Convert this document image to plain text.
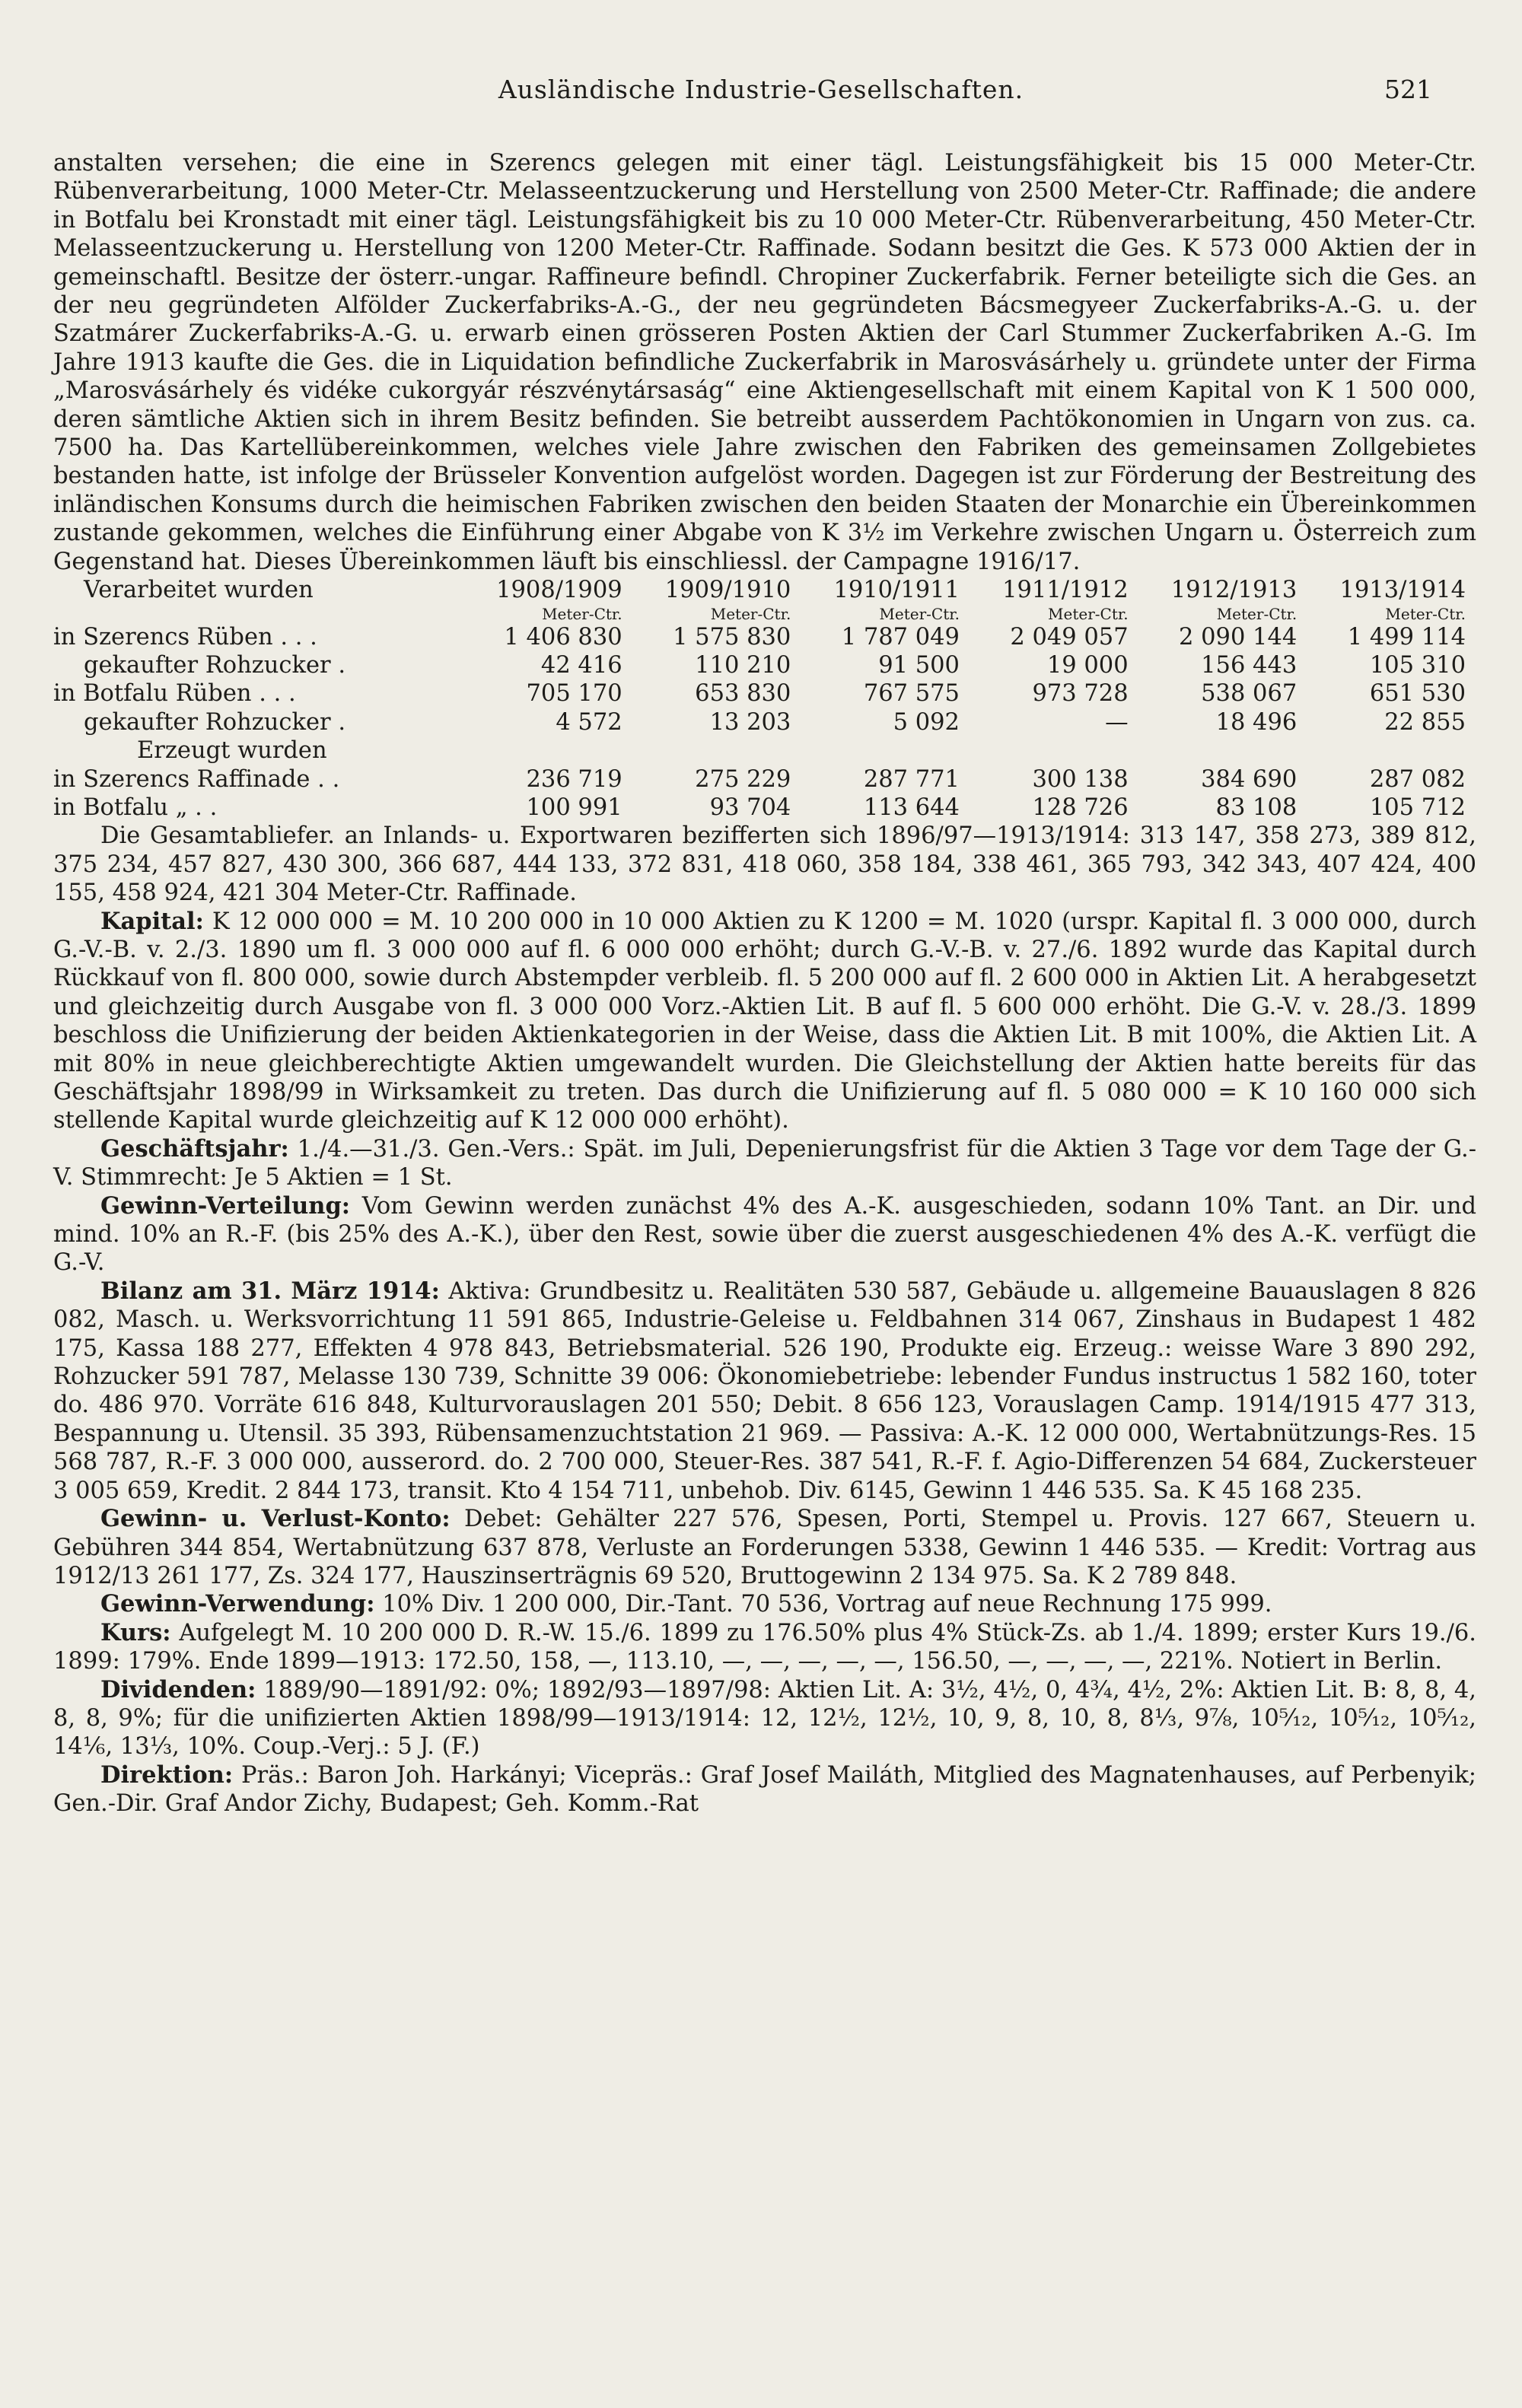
Ausländische Industrie-Gesellschaften.	521

anstalten versehen; die eine in Szerencs gelegen mit einer tägl. Leistungsfähigkeit bis 15 000 Meter-Ctr. Rübenverarbeitung, 1000 Meter-Ctr. Melasseentzuckerung und Herstellung von 2500 Meter-Ctr. Raffinade; die andere in Botfalu bei Kronstadt mit einer tägl. Leistungsfähigkeit bis zu 10 000 Meter-Ctr. Rübenverarbeitung, 450 Meter-Ctr. Melasseentzuckerung u. Herstellung von 1200 Meter-Ctr. Raffinade. Sodann besitzt die Ges. K 573 000 Aktien der in gemeinschaftl. Besitze der österr.-ungar. Raffineure befindl. Chropiner Zuckerfabrik. Ferner beteiligte sich die Ges. an der neu gegründeten Alfölder Zuckerfabriks-A.-G., der neu gegründeten Bácsmegyeer Zuckerfabriks-A.-G. u. der Szatmárer Zuckerfabriks-A.-G. u. erwarb einen grösseren Posten Aktien der Carl Stummer Zuckerfabriken A.-G. Im Jahre 1913 kaufte die Ges. die in Liquidation befindliche Zuckerfabrik in Marosvásárhely u. gründete unter der Firma „Marosvásárhely és vidéke cukorgyár részvénytársaság“ eine Aktiengesellschaft mit einem Kapital von K 1 500 000, deren sämtliche Aktien sich in ihrem Besitz befinden. Sie betreibt ausserdem Pachtökonomien in Ungarn von zus. ca. 7500 ha. Das Kartellübereinkommen, welches viele Jahre zwischen den Fabriken des gemeinsamen Zollgebietes bestanden hatte, ist infolge der Brüsseler Konvention aufgelöst worden. Dagegen ist zur Förderung der Bestreitung des inländischen Konsums durch die heimischen Fabriken zwischen den beiden Staaten der Monarchie ein Übereinkommen zustande gekommen, welches die Einführung einer Abgabe von K 3½ im Verkehre zwischen Ungarn u. Österreich zum Gegenstand hat. Dieses Übereinkommen läuft bis einschliessl. der Campagne 1916/17.

Verarbeitet wurden	1908/1909	1909/1910	1910/1911	1911/1912	1912/1913	1913/1914
	Meter-Ctr.	Meter-Ctr.	Meter-Ctr.	Meter-Ctr.	Meter-Ctr.	Meter-Ctr.
in Szerencs Rüben . . .	1 406 830	1 575 830	1 787 049	2 049 057	2 090 144	1 499 114
gekaufter Rohzucker .	42 416	110 210	91 500	19 000	156 443	105 310
in Botfalu Rüben . . .	705 170	653 830	767 575	973 728	538 067	651 530
gekaufter Rohzucker .	4 572	13 203	5 092	—	18 496	22 855
Erzeugt wurden						
in Szerencs Raffinade . .	236 719	275 229	287 771	300 138	384 690	287 082
in Botfalu „ . .	100 991	93 704	113 644	128 726	83 108	105 712

Die Gesamtabliefer. an Inlands- u. Exportwaren bezifferten sich 1896/97—1913/1914: 313 147, 358 273, 389 812, 375 234, 457 827, 430 300, 366 687, 444 133, 372 831, 418 060, 358 184, 338 461, 365 793, 342 343, 407 424, 400 155, 458 924, 421 304 Meter-Ctr. Raffinade.

Kapital: K 12 000 000 = M. 10 200 000 in 10 000 Aktien zu K 1200 = M. 1020 (urspr. Kapital fl. 3 000 000, durch G.-V.-B. v. 2./3. 1890 um fl. 3 000 000 auf fl. 6 000 000 erhöht; durch G.-V.-B. v. 27./6. 1892 wurde das Kapital durch Rückkauf von fl. 800 000, sowie durch Abstempder verbleib. fl. 5 200 000 auf fl. 2 600 000 in Aktien Lit. A herabgesetzt und gleichzeitig durch Ausgabe von fl. 3 000 000 Vorz.-Aktien Lit. B auf fl. 5 600 000 erhöht. Die G.-V. v. 28./3. 1899 beschloss die Unifizierung der beiden Aktienkategorien in der Weise, dass die Aktien Lit. B mit 100%, die Aktien Lit. A mit 80% in neue gleichberechtigte Aktien umgewandelt wurden. Die Gleichstellung der Aktien hatte bereits für das Geschäftsjahr 1898/99 in Wirksamkeit zu treten. Das durch die Unifizierung auf fl. 5 080 000 = K 10 160 000 sich stellende Kapital wurde gleichzeitig auf K 12 000 000 erhöht).

Geschäftsjahr: 1./4.—31./3. Gen.-Vers.: Spät. im Juli, Depenierungsfrist für die Aktien 3 Tage vor dem Tage der G.-V. Stimmrecht: Je 5 Aktien = 1 St.

Gewinn-Verteilung: Vom Gewinn werden zunächst 4% des A.-K. ausgeschieden, sodann 10% Tant. an Dir. und mind. 10% an R.-F. (bis 25% des A.-K.), über den Rest, sowie über die zuerst ausgeschiedenen 4% des A.-K. verfügt die G.-V.

Bilanz am 31. März 1914: Aktiva: Grundbesitz u. Realitäten 530 587, Gebäude u. allgemeine Bauauslagen 8 826 082, Masch. u. Werksvorrichtung 11 591 865, Industrie-Geleise u. Feldbahnen 314 067, Zinshaus in Budapest 1 482 175, Kassa 188 277, Effekten 4 978 843, Betriebsmaterial. 526 190, Produkte eig. Erzeug.: weisse Ware 3 890 292, Rohzucker 591 787, Melasse 130 739, Schnitte 39 006: Ökonomiebetriebe: lebender Fundus instructus 1 582 160, toter do. 486 970. Vorräte 616 848, Kulturvorauslagen 201 550; Debit. 8 656 123, Vorauslagen Camp. 1914/1915 477 313, Bespannung u. Utensil. 35 393, Rübensamenzuchtstation 21 969. — Passiva: A.-K. 12 000 000, Wertabnützungs-Res. 15 568 787, R.-F. 3 000 000, ausserord. do. 2 700 000, Steuer-Res. 387 541, R.-F. f. Agio-Differenzen 54 684, Zuckersteuer 3 005 659, Kredit. 2 844 173, transit. Kto 4 154 711, unbehob. Div. 6145, Gewinn 1 446 535. Sa. K 45 168 235.

Gewinn- u. Verlust-Konto: Debet: Gehälter 227 576, Spesen, Porti, Stempel u. Provis. 127 667, Steuern u. Gebühren 344 854, Wertabnützung 637 878, Verluste an Forderungen 5338, Gewinn 1 446 535. — Kredit: Vortrag aus 1912/13 261 177, Zs. 324 177, Hauszinserträgnis 69 520, Bruttogewinn 2 134 975. Sa. K 2 789 848.

Gewinn-Verwendung: 10% Div. 1 200 000, Dir.-Tant. 70 536, Vortrag auf neue Rechnung 175 999.

Kurs: Aufgelegt M. 10 200 000 D. R.-W. 15./6. 1899 zu 176.50% plus 4% Stück-Zs. ab 1./4. 1899; erster Kurs 19./6. 1899: 179%. Ende 1899—1913: 172.50, 158, —, 113.10, —, —, —, —, —, 156.50, —, —, —, —, 221%. Notiert in Berlin.

Dividenden: 1889/90—1891/92: 0%; 1892/93—1897/98: Aktien Lit. A: 3½, 4½, 0, 4¾, 4½, 2%: Aktien Lit. B: 8, 8, 4, 8, 8, 9%; für die unifizierten Aktien 1898/99—1913/1914: 12, 12½, 12½, 10, 9, 8, 10, 8, 8⅓, 9⅞, 10⁵⁄₁₂, 10⁵⁄₁₂, 10⁵⁄₁₂, 14⅙, 13⅓, 10%. Coup.-Verj.: 5 J. (F.)

Direktion: Präs.: Baron Joh. Harkányi; Vicepräs.: Graf Josef Mailáth, Mitglied des Magnatenhauses, auf Perbenyik; Gen.-Dir. Graf Andor Zichy, Budapest; Geh. Komm.-Rat
